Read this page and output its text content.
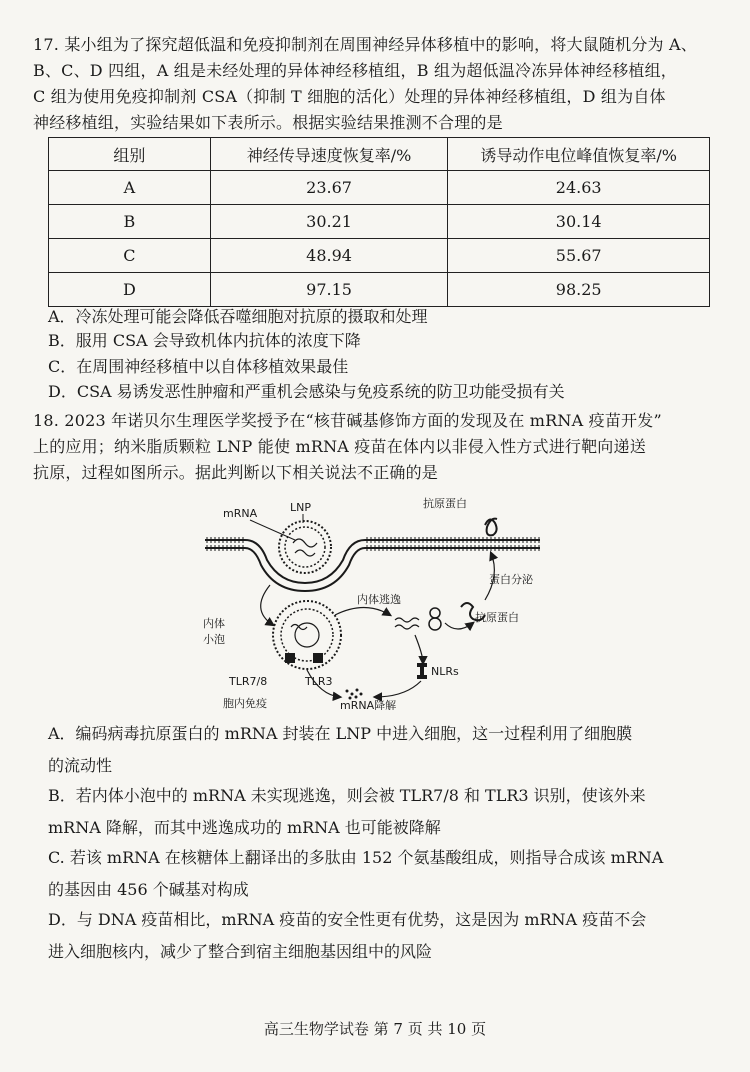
17. 某小组为了探究超低温和免疫抑制剂在周围神经异体移植中的影响，将大鼠随机分为 A、
B、C、D 四组，A 组是未经处理的异体神经移植组，B 组为超低温冷冻异体神经移植组，
C 组为使用免疫抑制剂 CSA（抑制 T 细胞的活化）处理的异体神经移植组，D 组为自体
神经移植组，实验结果如下表所示。根据实验结果推测不合理的是
组别	神经传导速度恢复率/%	诱导动作电位峰值恢复率/%
A	23.67	24.63
B	30.21	30.14
C	48.94	55.67
D	97.15	98.25
A．冷冻处理可能会降低吞噬细胞对抗原的摄取和处理
B．服用 CSA 会导致机体内抗体的浓度下降
C．在周围神经移植中以自体移植效果最佳
D．CSA 易诱发恶性肿瘤和严重机会感染与免疫系统的防卫功能受损有关
18. 2023 年诺贝尔生理医学奖授予在“核苷碱基修饰方面的发现及在 mRNA 疫苗开发”
上的应用；纳米脂质颗粒 LNP 能使 mRNA 疫苗在体内以非侵入性方式进行靶向递送
抗原，过程如图所示。据此判断以下相关说法不正确的是
mRNA	LNP
内体
小泡
TLR7/8	TLR3
胞内免疫
内体逃逸
抗原蛋白
蛋白分泌
抗原蛋白
NLRs
mRNA降解
A．编码病毒抗原蛋白的 mRNA 封装在 LNP 中进入细胞，这一过程利用了细胞膜
的流动性
B．若内体小泡中的 mRNA 未实现逃逸，则会被 TLR7/8 和 TLR3 识别，使该外来
mRNA 降解，而其中逃逸成功的 mRNA 也可能被降解
C. 若该 mRNA 在核糖体上翻译出的多肽由 152 个氨基酸组成，则指导合成该 mRNA
的基因由 456 个碱基对构成
D．与 DNA 疫苗相比，mRNA 疫苗的安全性更有优势，这是因为 mRNA 疫苗不会
进入细胞核内，减少了整合到宿主细胞基因组中的风险
高三生物学试卷 第 7 页 共 10 页
